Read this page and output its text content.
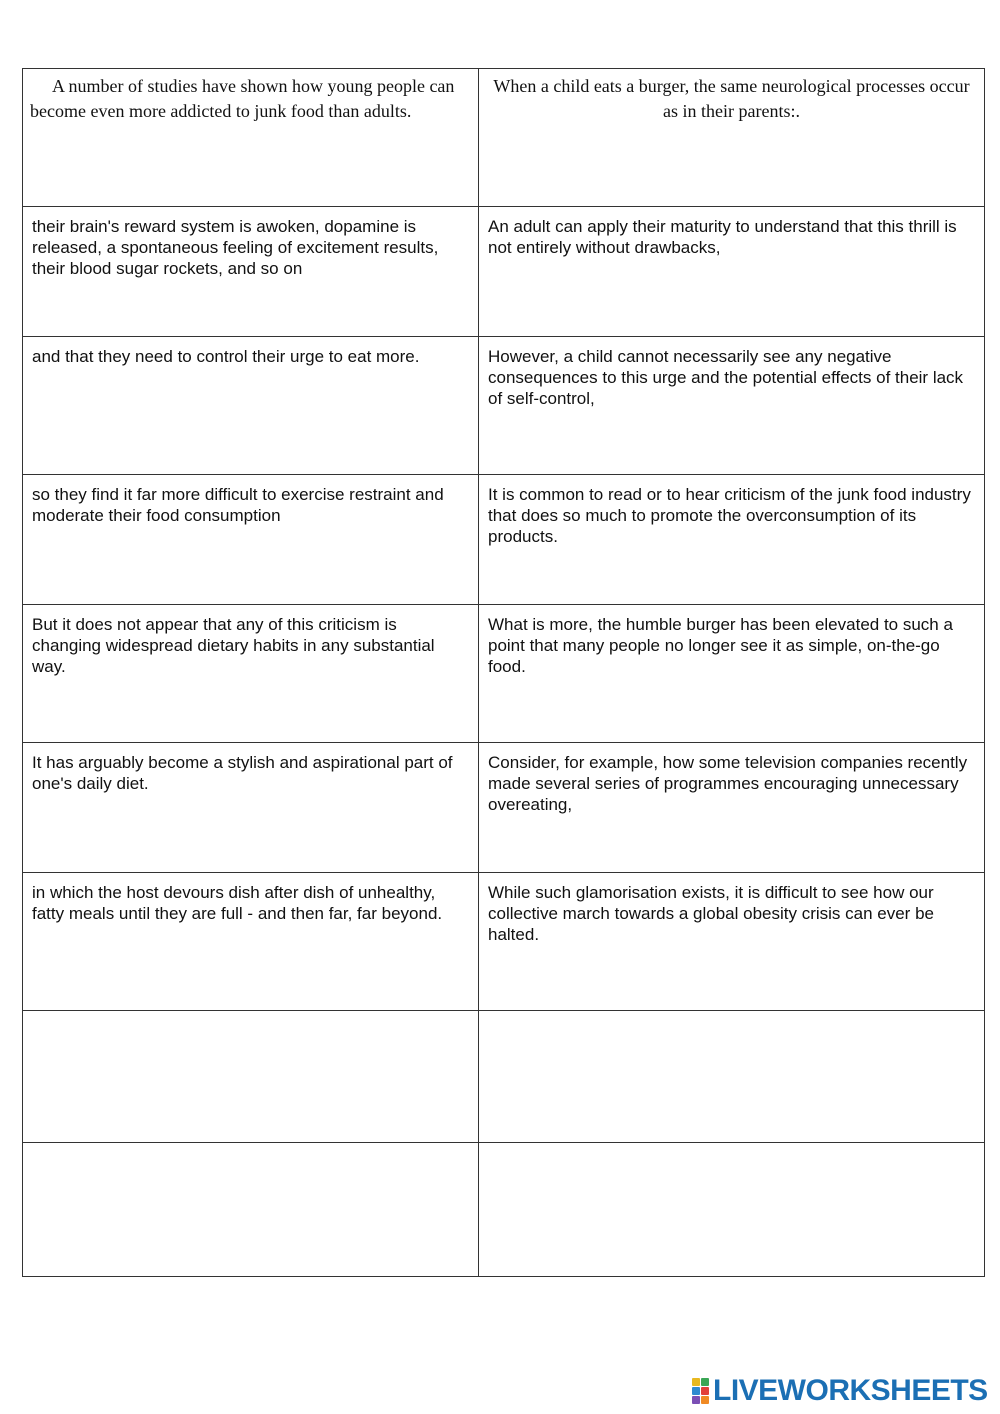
A number of studies have shown how young people can become even more addicted to junk food than adults.	When a child eats a burger, the same neurological processes occur as in their parents:.

their brain's reward system is awoken, dopamine is released, a spontaneous feeling of excitement results, their blood sugar rockets, and so on	An adult can apply their maturity to understand that this thrill is not entirely without drawbacks,

and that they need to control their urge to eat more.	However, a child cannot necessarily see any negative consequences to this urge and the potential effects of their lack of self-control,

so they find it far more difficult to exercise restraint and moderate their food consumption	It is common to read or to hear criticism of the junk food industry that does so much to promote the overconsumption of its products.

But it does not appear that any of this criticism is changing widespread dietary habits in any substantial way.	What is more, the humble burger has been elevated to such a point that many people no longer see it as simple, on-the-go food.

It has arguably become a stylish and aspirational part of one's daily diet.	Consider, for example, how some television companies recently made several series of programmes encouraging unnecessary overeating,

in which the host devours dish after dish of unhealthy, fatty meals until they are full - and then far, far beyond.	While such glamorisation exists, it is difficult to see how our collective march towards a global obesity crisis can ever be halted.

LIVEWORKSHEETS
